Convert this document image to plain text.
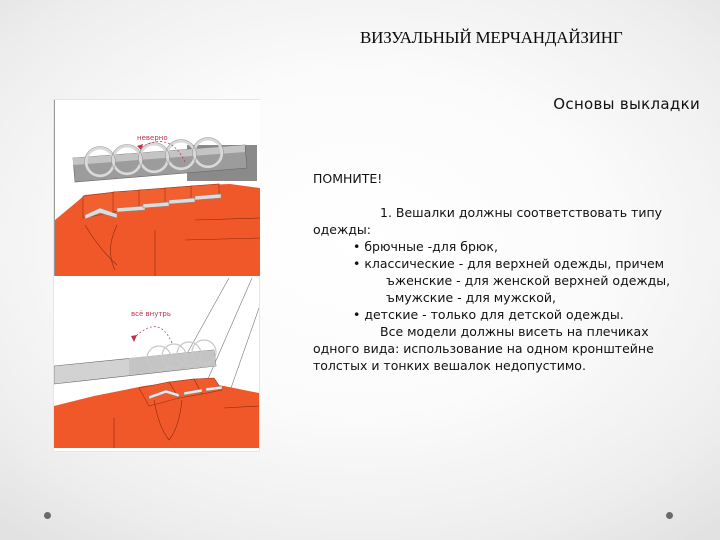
ВИЗУАЛЬНЫЙ МЕРЧАНДАЙЗИНГ
Основы выкладки
неверно
всё внутрь

ПОМНИТЕ!

1. Вешалки должны соответствовать типу

одежды:

• брючные -для брюк,

• классические - для верхней одежды, причем

ъженские - для женской верхней одежды,

ъмужские - для мужской,

• детские - только для детской одежды.

Все модели должны висеть на плечиках

одного вида: использование на одном кронштейне

толстых и тонких вешалок недопустимо.
